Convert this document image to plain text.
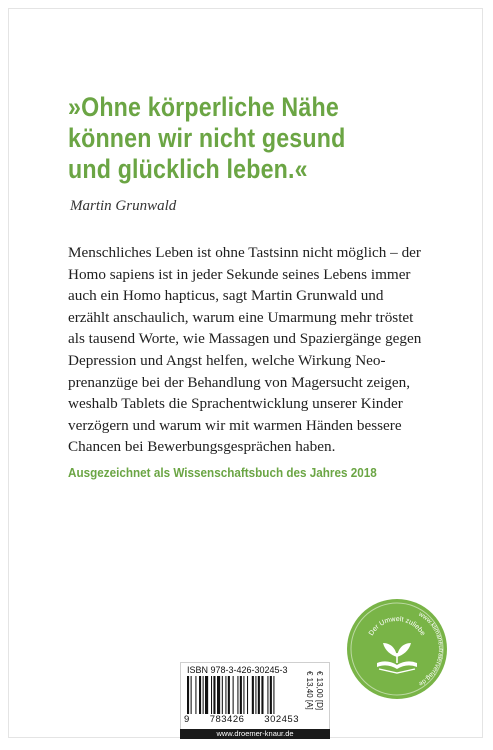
»Ohne körperliche Nähe
können wir nicht gesund
und glücklich leben.«
Martin Grunwald
Menschliches Leben ist ohne Tastsinn nicht möglich – der
Homo sapiens ist in jeder Sekunde seines Lebens immer
auch ein Homo hapticus, sagt Martin Grunwald und
erzählt anschaulich, warum eine Umarmung mehr tröstet
als tausend Worte, wie Massagen und Spaziergänge gegen
Depression und Angst helfen, welche Wirkung Neo-
prenanzüge bei der Behandlung von Magersucht zeigen,
weshalb Tablets die Sprachentwicklung unserer Kinder
verzögern und warum wir mit warmen Händen bessere
Chancen bei Bewerbungsgesprächen haben.
Ausgezeichnet als Wissenschaftsbuch des Jahres 2018
Der Umwelt zuliebe
www.klimaneutralerverlag.de
ISBN 978-3-426-30245-3
9 783426 302453
€ 13,00 [D]
€ 13,40 [A]
www.droemer-knaur.de
